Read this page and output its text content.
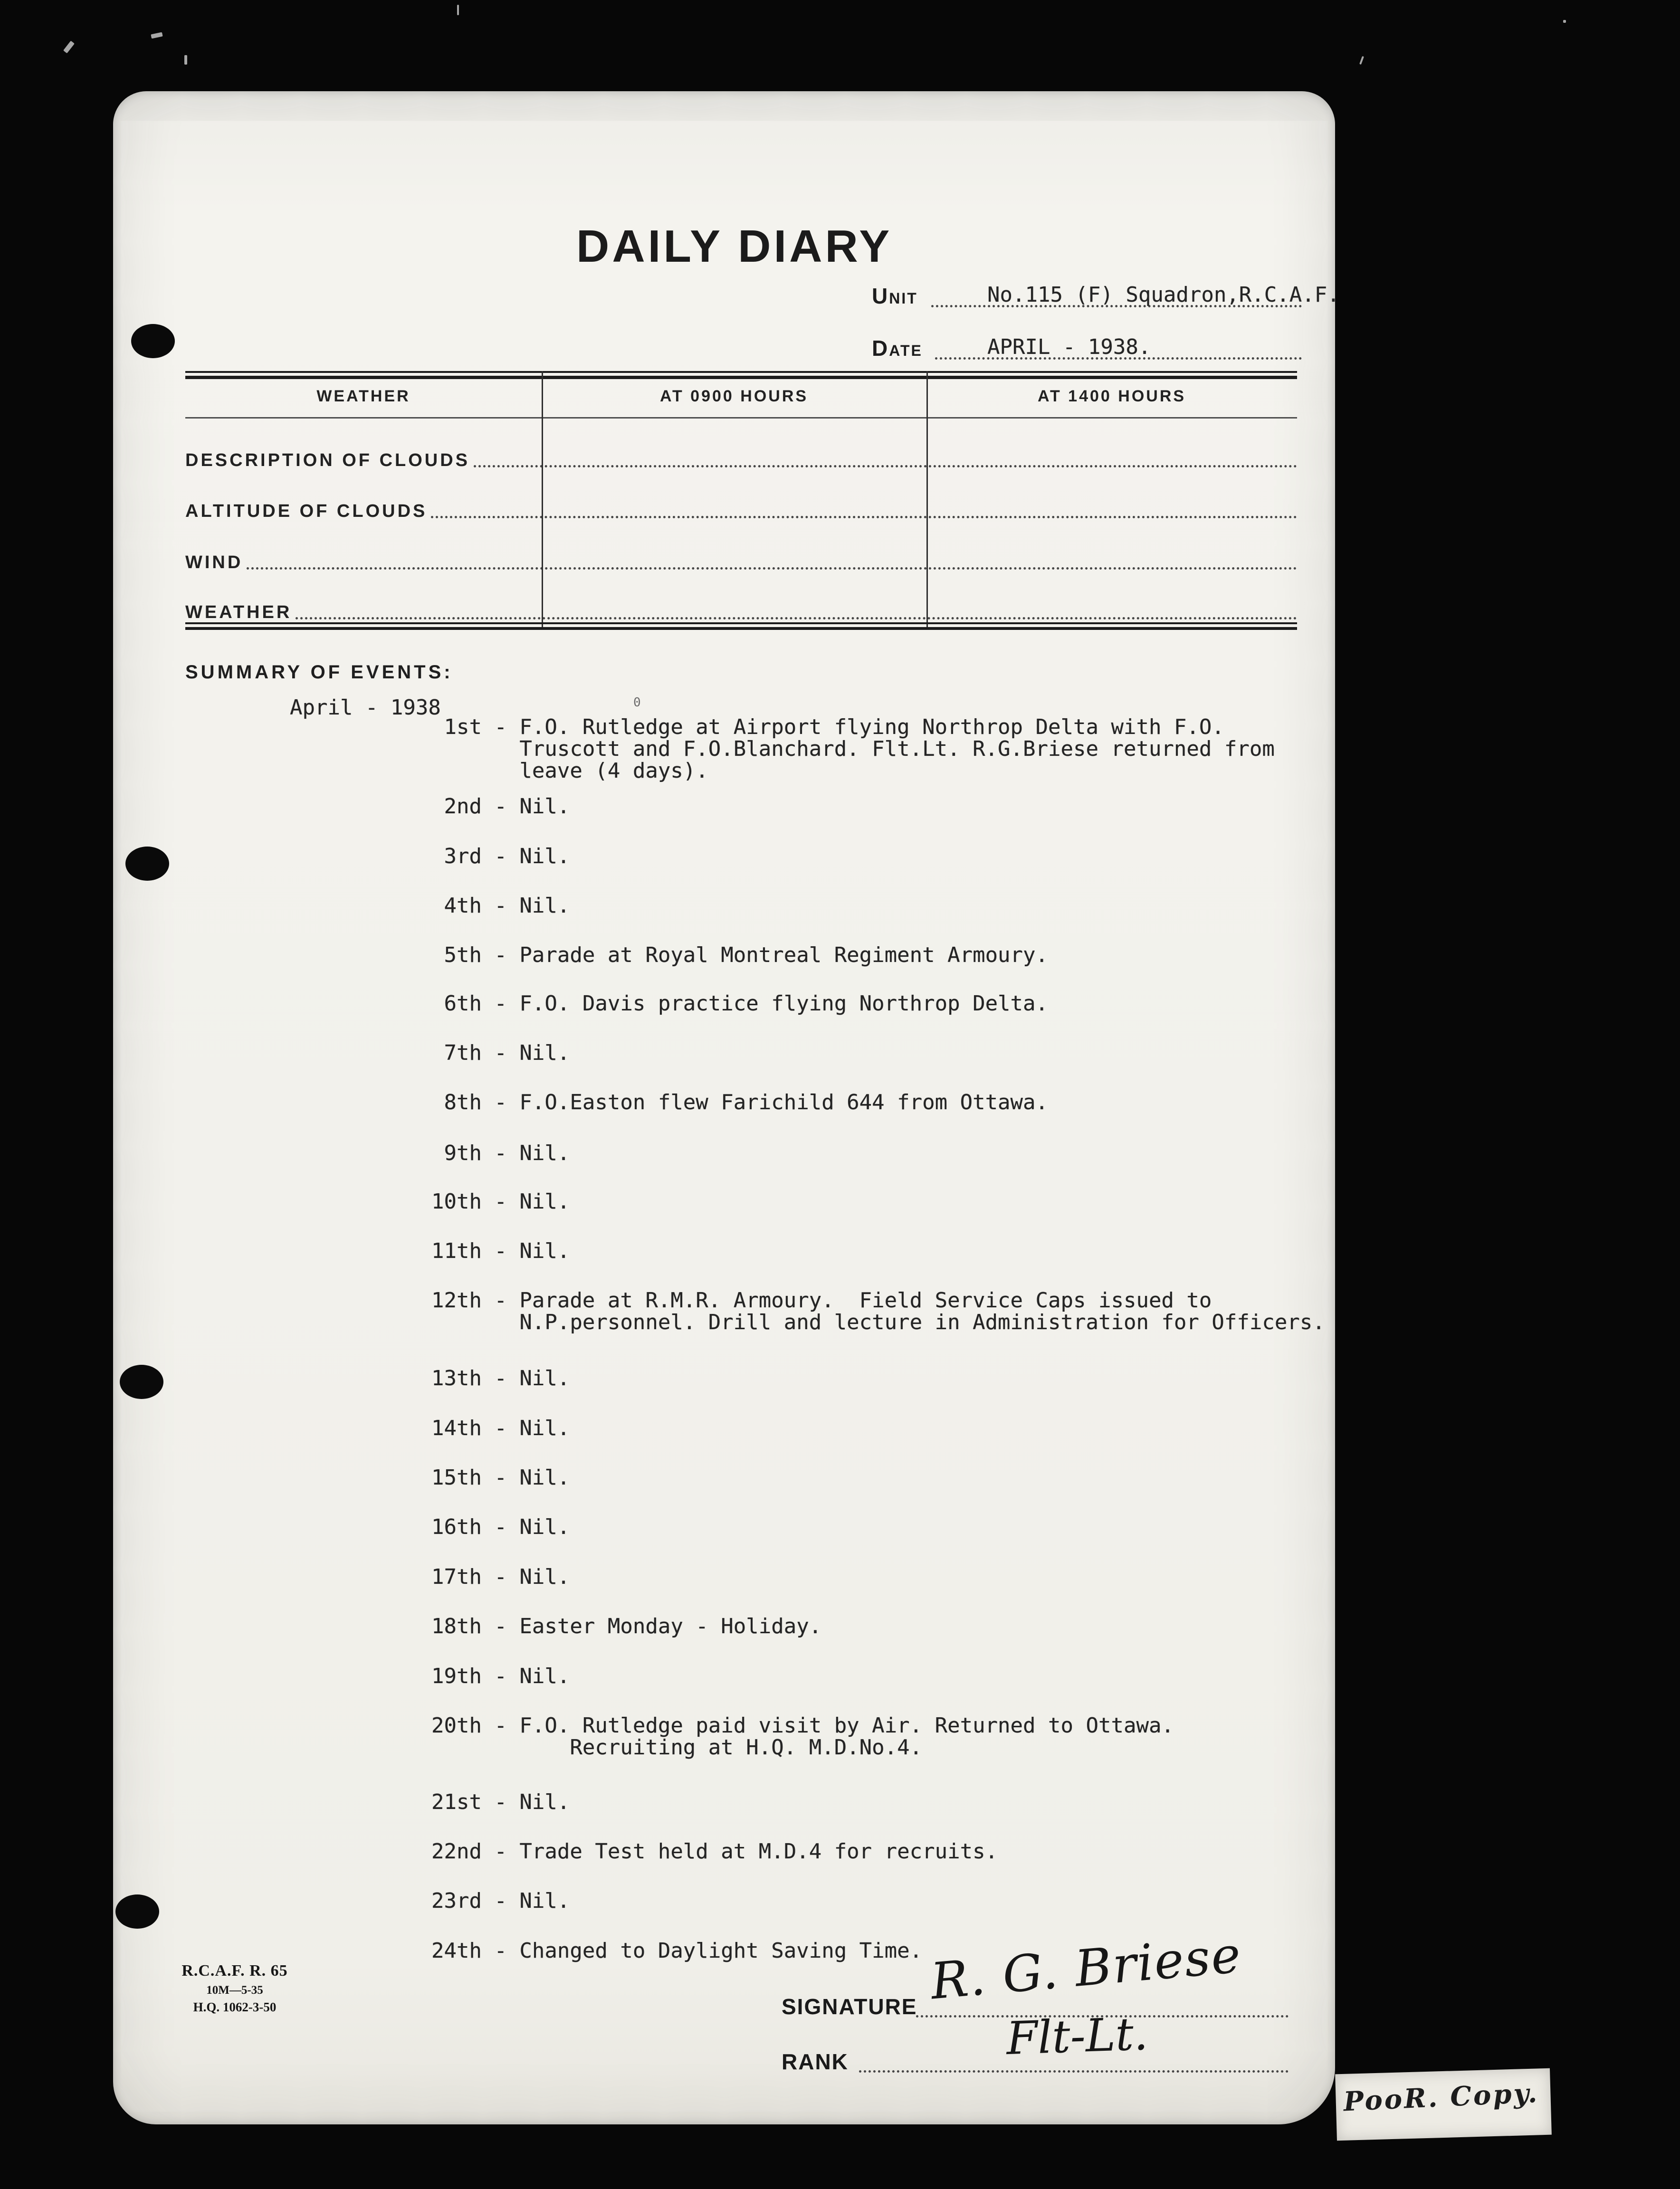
DAILY DIARY
Unit	No.115 (F) Squadron,R.C.A.F.
Date	APRIL - 1938.
WEATHER	AT 0900 HOURS	AT 1400 HOURS
DESCRIPTION OF CLOUDS
ALTITUDE OF CLOUDS
WIND
WEATHER
SUMMARY OF EVENTS:
April - 1938	0
1st - F.O. Rutledge at Airport flying Northrop Delta with F.O.
Truscott and F.O.Blanchard. Flt.Lt. R.G.Briese returned from
leave (4 days).
2nd - Nil.
3rd - Nil.
4th - Nil.
5th - Parade at Royal Montreal Regiment Armoury.
6th - F.O. Davis practice flying Northrop Delta.
7th - Nil.
8th - F.O.Easton flew Farichild 644 from Ottawa.
9th - Nil.
10th - Nil.
11th - Nil.
12th - Parade at R.M.R. Armoury.  Field Service Caps issued to
N.P.personnel. Drill and lecture in Administration for Officers.
13th - Nil.
14th - Nil.
15th - Nil.
16th - Nil.
17th - Nil.
18th - Easter Monday - Holiday.
19th - Nil.
20th - F.O. Rutledge paid visit by Air. Returned to Ottawa.
Recruiting at H.Q. M.D.No.4.
21st - Nil.
22nd - Trade Test held at M.D.4 for recruits.
23rd - Nil.
24th - Changed to Daylight Saving Time.
R.C.A.F. R. 65
10M—5-35
H.Q. 1062-3-50	SIGNATURE R. G. Briese
RANK	Flt-Lt.
PooR. Copy.
